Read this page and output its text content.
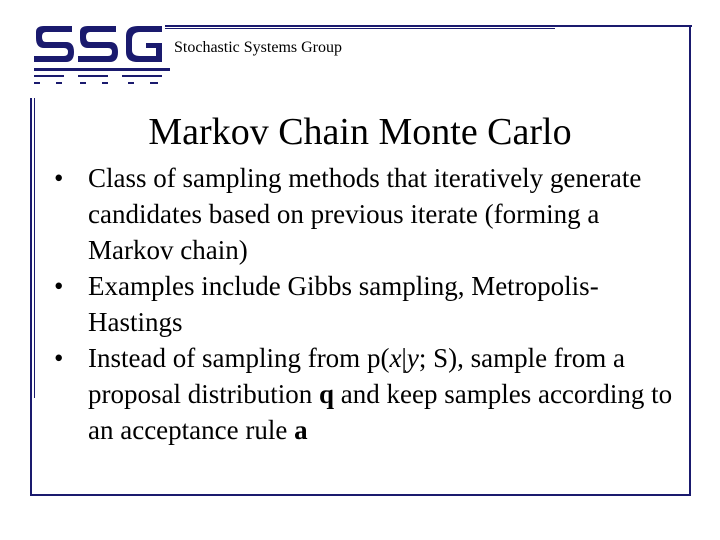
Stochastic Systems Group
Markov Chain Monte Carlo
• Class of sampling methods that iteratively generate candidates based on previous iterate (forming a Markov chain)
• Examples include Gibbs sampling, Metropolis-Hastings
• Instead of sampling from p(x|y; S), sample from a proposal distribution q and keep samples according to an acceptance rule a
